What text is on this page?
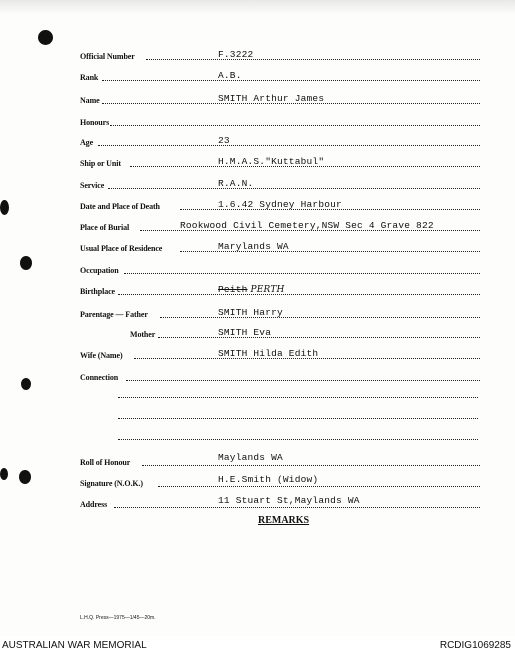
Official Number	F.3222
Rank	A.B.
Name	SMITH Arthur James
Honours
Age	23
Ship or Unit	H.M.A.S."Kuttabul"
Service	R.A.N.
Date and Place of Death	1.6.42 Sydney Harbour
Place of Burial	Rookwood Civil Cemetery,NSW Sec 4 Grave 822
Usual Place of Residence	Marylands WA
Occupation
Birthplace	Peith PERTH
Parentage — Father	SMITH Harry
Mother	SMITH Eva
Wife (Name)	SMITH Hilda Edith
Connection
Roll of Honour	Maylands WA
Signature (N.O.K.)	H.E.Smith (Widow)
Address	11 Stuart St,Maylands WA
REMARKS
L.H.Q. Press—1975—1/45—20m.
AUSTRALIAN WAR MEMORIAL	RCDIG1069285
